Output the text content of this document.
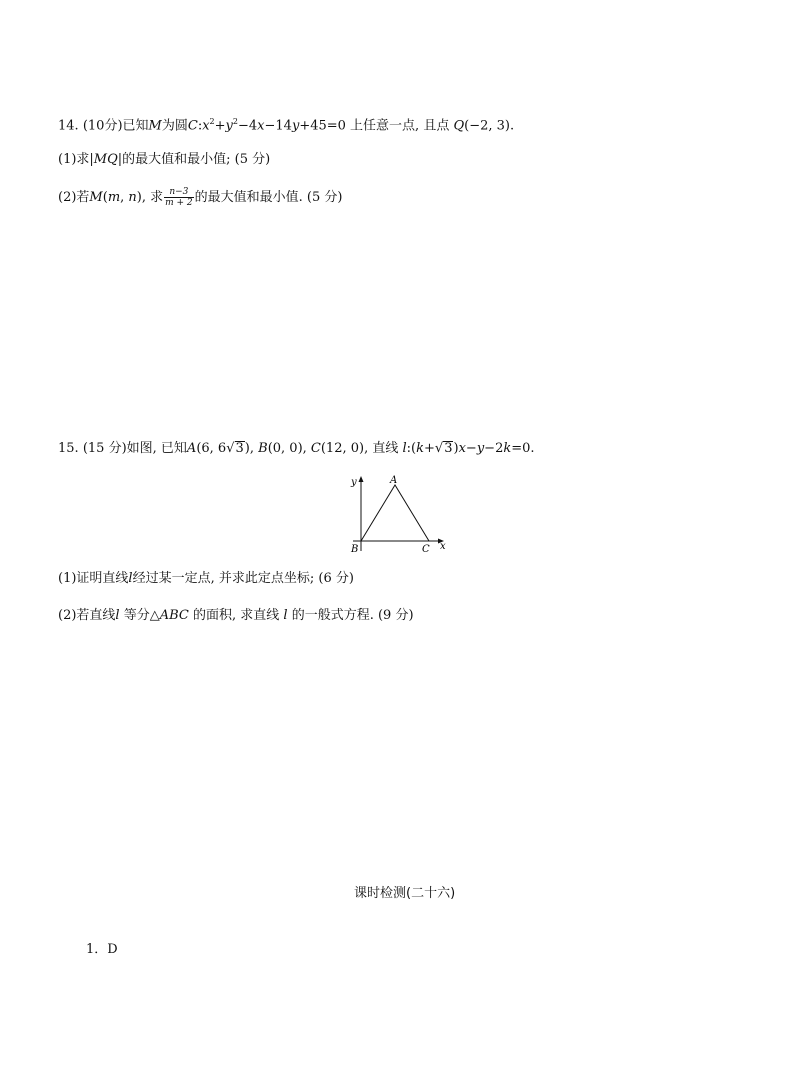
14. (10分)已知M为圆$C:x^2+y^2-4x-14y+45=0$ 上任意一点, 且点 Q(−2, 3).
(1)求|MQ|的最大值和最小值; (5 分)
(2)若M(m, n), 求 $\frac{n-3}{m + 2}$ 的最大值和最小值. (5 分)
15. (15 分)如图, 已知A(6, 6√3), B(0, 0), C(12, 0), 直线 l:(k+√3)x−y−2k=0.
y	A
B	C x
(1)证明直线l经过某一定点, 并求此定点坐标; (6 分)
(2)若直线l 等分△ABC 的面积, 求直线 l 的一般式方程. (9 分)
课时检测(二十六)
1．D
